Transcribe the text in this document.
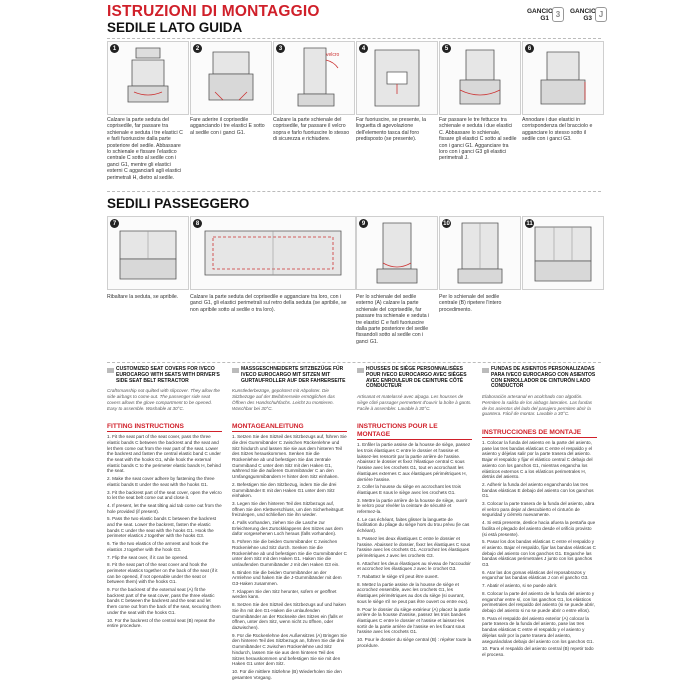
ISTRUZIONI DI MONTAGGIO
SEDILE LATO GUIDA
GANCIO G1 3	GANCIO G3 J
1	2	3
velcro
4	5	6
Calzare la parte seduta del coprisedile, far passare tra schienale e seduta i tre elastici C e farli fuoriuscire dalla parte posteriore del sedile. Abbassare lo schienale e fissare l'elastico centrale C sotto al sedile con i ganci G1, mentre gli elastici esterni C agganciarli agli elastici perimetrali H, dietro al sedile.
Fare aderire il coprisedile agganciando i tre elastici E sotto al sedile con i ganci G1.
Calzare la parte schienale del coprisedile, far passare il velcro sopra e farlo fuoriuscire lo stesso di sicurezza e richiudere.
Far fuoriuscire, se presente, la linguetta di agevolazione dell'elemento tasca dal foro predisposto (se presente).
Far passare le tre fettucce tra schienale e seduta i due elastici C. Abbassare lo schienale, fissare gli elastici C sotto al sedile con i ganci G1. Agganciare tra loro con i ganci G3 gli elastici perimetrali J.
Annodare i due elastici in corrispondenza del bracciolo e agganciare lo stesso sotto il sedile con i ganci G3.
SEDILI PASSEGGERO
7	8	9	10	11
Ribaltare la seduta, se apribile.	Calzare la parte seduta del coprisedile e agganciare tra loro, con i ganci G1, gli elastici perimetrali sul retro della seduta (se apribile, se non apribile sotto al sedile o tra loro).
Per lo schienale del sedile esterno (A) calzare la parte schienale del coprisedile, far passare tra schienale e seduta i tre elastici C e farli fuoriuscire dalla parte posteriore del sedile fissandoli sotto al sedile con i ganci G1.
Per lo schienale del sedile centrale (B) ripetere l'intero procedimento.
CUSTOMIZED SEAT COVERS FOR IVECO EUROCARGO WITH SEATS WITH DRIVER'S SIDE SEAT BELT RETRACTOR
Craftsmanship not quilted with slipcover. They allow the side airbags to come out. The passenger side seat covers allows the glove compartment to be opened. Easy to assemble. Washable at 30°C.
FITTING INSTRUCTIONS
1. Fit the seat part of the seat cover, pass the three elastic bands C between the backrest and the seat and let them come out from the rear part of the seat. Lower the backrest and fasten the central elastic band C under the seat with the hooks G1, while hook the external elastic bands C to the perimeter elastic bands H, behind the seat.
2. Make the seat cover adhere by fastening the three elastic bands E under the seat with the hooks G1.
3. Fit the backrest part of the seat cover, open the velcro to let the seat belt come out and close it.
4. If present, let the seat tilting aid tab come out from the hole provided (if present).
5. Pass the two elastic bands C between the backrest and the seat. Lower the backrest, fasten the elastic bands C under the seat with the hooks G1. Hook the perimeter elastics J together with the hooks G3.
6. Tie the two elastics of the armrest and hook the elastics J together with the hook G3.
7. Flip the seat over, if it can be opened.
8. Fit the seat part of the seat cover and hook the perimeter elastics together on the back of the seat (if it can be opened, if not openable under the seat or between them) with the hooks G1.
9. For the backrest of the external seat (A) fit the backrest part of the seat cover, pass the three elastic bands C between the backrest and the seat and let them come out from the back of the seat, securing them under the seat with the hooks G1.
10. For the backrest of the central seat (B) repeat the entire procedure.
MASSGESCHNEIDERTE SITZBEZÜGE FÜR IVECO EUROCARGO MIT SITZEN MIT GURTAUFROLLER AUF DER FAHRERSEITE
Kunstlederbezüge, gepolstert mit Abpolster. Die Sitzbezüge auf der Beifahrerseite ermöglichen das Öffnen des Handschuhfachs. Leicht zu montieren. Waschbar bei 30°C.
MONTAGEANLEITUNG
1. Setzen Sie den Sitzteil des Sitzbezugs auf, führen Sie die drei Gummibänder C zwischen Rückenlehne und Sitz hindurch und lassen Sie sie aus dem hinteren Teil des Sitzes herauskommen. Senken Sie die Rückenlehne ab und befestigen Sie das zentrale Gummiband C unter dem Sitz mit den Haken G1, während Sie die äußeren Gummibänder C an den Umfangsgummibändern H hinter dem Sitz einhaken.
2. Befestigen Sie den Sitzbezug, indem Sie die drei Gummibänder E mit den Haken G1 unter dem Sitz einhaken.
3. Legen Sie den hinteren Teil des Sitzbezugs auf, öffnen Sie den Klettverschluss, um den Sicherheitsgurt freizulegen, und schließen Sie ihn wieder.
4. Falls vorhanden, ziehen Sie die Lasche zur Erleichterung des Zurückklappens des Sitzes aus dem dafür vorgesehenen Loch heraus (falls vorhanden).
5. Führen Sie die beiden Gummibänder C zwischen Rückenlehne und Sitz durch. Senken Sie die Rückenlehne ab und befestigen Sie die Gummibänder C unter dem Sitz mit den Haken G1. Haken Sie die umlaufenden Gummibänder J mit den Haken G3 ein.
6. Binden Sie die beiden Gummibänder an der Armlehne und haken Sie die J-Gummibänder mit dem G3-Haken zusammen.
7. Klappen Sie den Sitz herunter, sofern er geöffnet werden kann.
8. Setzen Sie den Sitzteil des Sitzbezugs auf und haken Sie ihn mit den G1-Haken die umlaufenden Gummibänder an der Rückseite des Sitzes ein (falls er öffnen, unter dem Sitz, wenn nicht zu öffnen, oder dazwischen).
9. Für die Rückenlehne des Außensitzes (A) Bringen Sie den hinteren Teil des Sitzbezugs an, führen Sie die drei Gummibänder C zwischen Rückenlehne und Sitz hindurch, lassen Sie sie aus dem hinteren Teil des Sitzes herauskommen und befestigen Sie sie mit den Haken G1 unter dem Sitz.
10. Für die mittlere Sitzlehne (B) Wiederholen Sie den gesamten Vorgang.
HOUSSES DE SIÈGE PERSONNALISÉES POUR IVECO EUROCARGO AVEC SIÈGES AVEC ENROULEUR DE CEINTURE CÔTÉ CONDUCTEUR
Artisanat et matelassé avec alpaga. Les housses de siège côté passager permettent d'ouvrir la boîte à gants. Facile à assembler. Lavable à 30°C.
INSTRUCTIONS POUR LE MONTAGE
1. Enfiler la partie assise de la housse de siège, passez les trois élastiques C entre le dossier et l'assise et laissez-les ressortir par la partie arrière de l'assise. Abaissez le dossier et fixez l'élastique central C sous l'assise avec les crochets G1, tout en accrochant les élastiques externes C aux élastiques périmétriques H, derrière l'assise.
2. Coller la housse du siège en accrochant les trois élastiques E sous le siège avec les crochets G1.
3. Mettre la partie arrière de la housse de siège, ouvrir le velcro pour révéler la ceinture de sécurité et refermez-la.
4. Le cas échéant, faites glisser la languette de facilitation du pliage du siège hors du trou prévu (le cas échéant).
5. Passez les deux élastiques C entre le dossier et l'assise. Abaissez le dossier, fixez les élastiques C sous l'assise avec les crochets G1. Accrochez les élastiques périmétriques J avec les crochets G3.
6. Attachez les deux élastiques au niveau de l'accoudoir et accrochez les élastiques J avec le crochet G3.
7. Rabattez le siège s'il peut être ouvert.
8. Mettez la partie assise de la housse de siège et accrochez ensemble, avec les crochets G1, les élastiques périmétriques au dos du siège (si ouvrant, sous le siège s'il ne peut pas être ouvert ou entre eux).
9. Pour le dossier du siège extérieur (A) placez la partie arrière de la housse d'assise, passez les trois bandes élastiques C entre le dossier et l'assise et laissez-les sortir de la partie arrière de l'assise en les fixant sous l'assise avec les crochets G1.
10. Pour le dossier du siège central (B) : répéter toute la procédure.
FUNDAS DE ASIENTOS PERSONALIZADAS PARA IVECO EUROCARGO CON ASIENTOS CON ENROLLADOR DE CINTURÓN LADO CONDUCTOR
Elaboración artesanal en acolchado con algodón. Permiten la salida de los airbags laterales. Las fundas de los asientos del lado del pasajero permiten abrir la guantera. Fácil de montar. Lavable a 30°C.
INSTRUCCIONES DE MONTAJE
1. Colocar la funda del asiento en la parte del asiento, pase las tres bandas elásticas C entre el respaldo y el asiento y déjelas salir por la parte trasera del asiento. Bajar el respaldo y fijar el elástico central C debajo del asiento con los ganchos G1, mientras engancha los elásticos externos C a los elásticos perimetrales H, detrás del asiento.
2. Adherir la funda del asiento enganchando las tres bandas elásticas E debajo del asiento con los ganchos G1.
3. Colocar la parte trasera de la funda del asiento, abra el velcro para dejar al descubierto el cinturón de seguridad y ciérrelo nuevamente.
4. Si está presente, deslice hacia afuera la pestaña que facilita el plegado del asiento desde el orificio provisto (si está presente).
5. Pasar los dos bandas elásticas C entre el respaldo y el asiento. Bajar el respaldo, fijar las bandas elásticas C debajo del asiento con los ganchos G1. Enganche las bandas elásticas perimetrales J junto con los ganchos G3.
6. Atar las dos gomas elásticas del reposabrazos y enganchar las bandas elásticas J con el gancho G3.
7. Abatir el asiento, si se puede abrir.
8. Colocar la parte del asiento de la funda del asiento y enganchar entre sí, con los ganchos G1, los elásticos perimetrales del respaldo del asiento (si se puede abrir, debajo del asiento si no se puede abrir o entre ellos).
9. Para el respaldo del asiento exterior (A) colocar la parte trasera de la funda del asiento, pase las tres bandas elásticas C entre el respaldo y el asiento y déjelas salir por la parte trasera del asiento, asegurándolas debajo del asiento con los ganchos G1.
10. Para el respaldo del asiento central (B) repetir todo el proceso.
